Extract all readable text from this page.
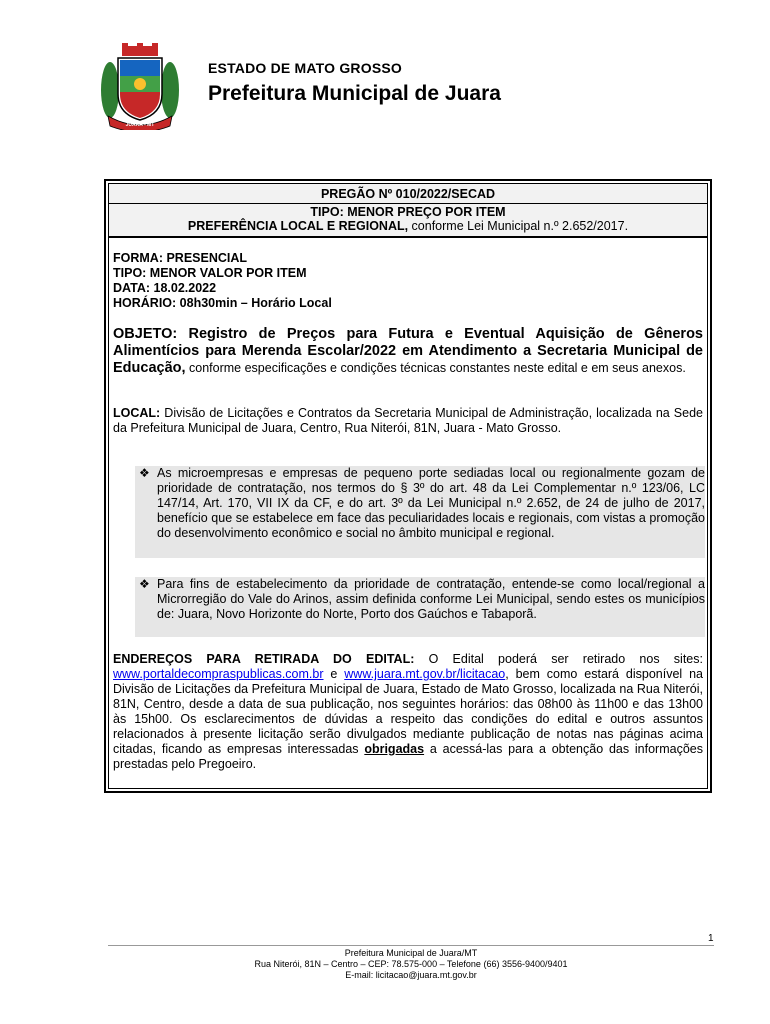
JUARA - MT
ESTADO DE MATO GROSSO
Prefeitura Municipal de Juara
PREGÃO Nº 010/2022/SECAD
TIPO: MENOR PREÇO POR ITEM
PREFERÊNCIA LOCAL E REGIONAL, conforme Lei Municipal n.º 2.652/2017.
FORMA: PRESENCIAL
TIPO: MENOR VALOR POR ITEM
DATA: 18.02.2022
HORÁRIO: 08h30min – Horário Local
OBJETO: Registro de Preços para Futura e Eventual Aquisição de Gêneros Alimentícios para Merenda Escolar/2022 em Atendimento a Secretaria Municipal de Educação, conforme especificações e condições técnicas constantes neste edital e em seus anexos.
LOCAL: Divisão de Licitações e Contratos da Secretaria Municipal de Administração, localizada na Sede da Prefeitura Municipal de Juara, Centro, Rua Niterói, 81N, Juara - Mato Grosso.
❖ As microempresas e empresas de pequeno porte sediadas local ou regionalmente gozam de prioridade de contratação, nos termos do § 3º do art. 48 da Lei Complementar n.º 123/06, LC 147/14, Art. 170, VII IX da CF, e do art. 3º da Lei Municipal n.º 2.652, de 24 de julho de 2017, benefício que se estabelece em face das peculiaridades locais e regionais, com vistas a promoção do desenvolvimento econômico e social no âmbito municipal e regional.
❖ Para fins de estabelecimento da prioridade de contratação, entende-se como local/regional a Microrregião do Vale do Arinos, assim definida conforme Lei Municipal, sendo estes os municípios de: Juara, Novo Horizonte do Norte, Porto dos Gaúchos e Tabaporã.
ENDEREÇOS PARA RETIRADA DO EDITAL: O Edital poderá ser retirado nos sites: www.portaldecompraspublicas.com.br e www.juara.mt.gov.br/licitacao, bem como estará disponível na Divisão de Licitações da Prefeitura Municipal de Juara, Estado de Mato Grosso, localizada na Rua Niterói, 81N, Centro, desde a data de sua publicação, nos seguintes horários: das 08h00 às 11h00 e das 13h00 às 15h00. Os esclarecimentos de dúvidas a respeito das condições do edital e outros assuntos relacionados à presente licitação serão divulgados mediante publicação de notas nas páginas acima citadas, ficando as empresas interessadas obrigadas a acessá-las para a obtenção das informações prestadas pelo Pregoeiro.
1
Prefeitura Municipal de Juara/MT
Rua Niterói, 81N – Centro – CEP: 78.575-000 – Telefone (66) 3556-9400/9401
E-mail: licitacao@juara.mt.gov.br
